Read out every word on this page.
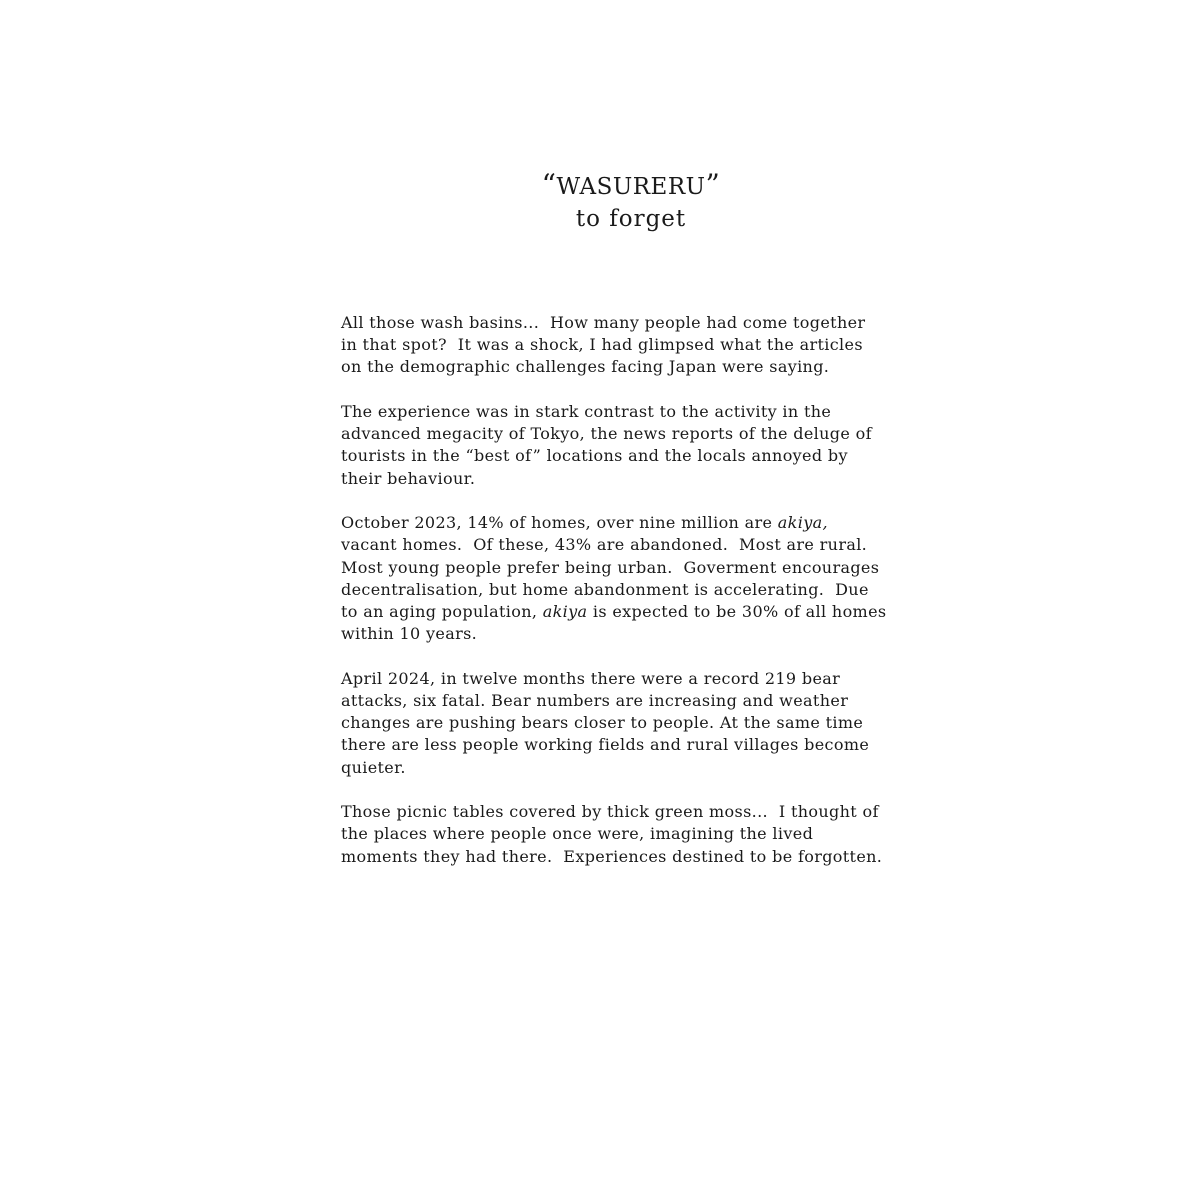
“WASURERU”
to forget
All those wash basins...  How many people had come together
in that spot?  It was a shock, I had glimpsed what the articles
on the demographic challenges facing Japan were saying.
The experience was in stark contrast to the activity in the
advanced megacity of Tokyo, the news reports of the deluge of
tourists in the “best of” locations and the locals annoyed by
their behaviour.
October 2023, 14% of homes, over nine million are akiya,
vacant homes.  Of these, 43% are abandoned.  Most are rural.
Most young people prefer being urban.  Goverment encourages
decentralisation, but home abandonment is accelerating.  Due
to an aging population, akiya is expected to be 30% of all homes
within 10 years.
April 2024, in twelve months there were a record 219 bear
attacks, six fatal. Bear numbers are increasing and weather
changes are pushing bears closer to people. At the same time
there are less people working fields and rural villages become
quieter.
Those picnic tables covered by thick green moss...  I thought of
the places where people once were, imagining the lived
moments they had there.  Experiences destined to be forgotten.
